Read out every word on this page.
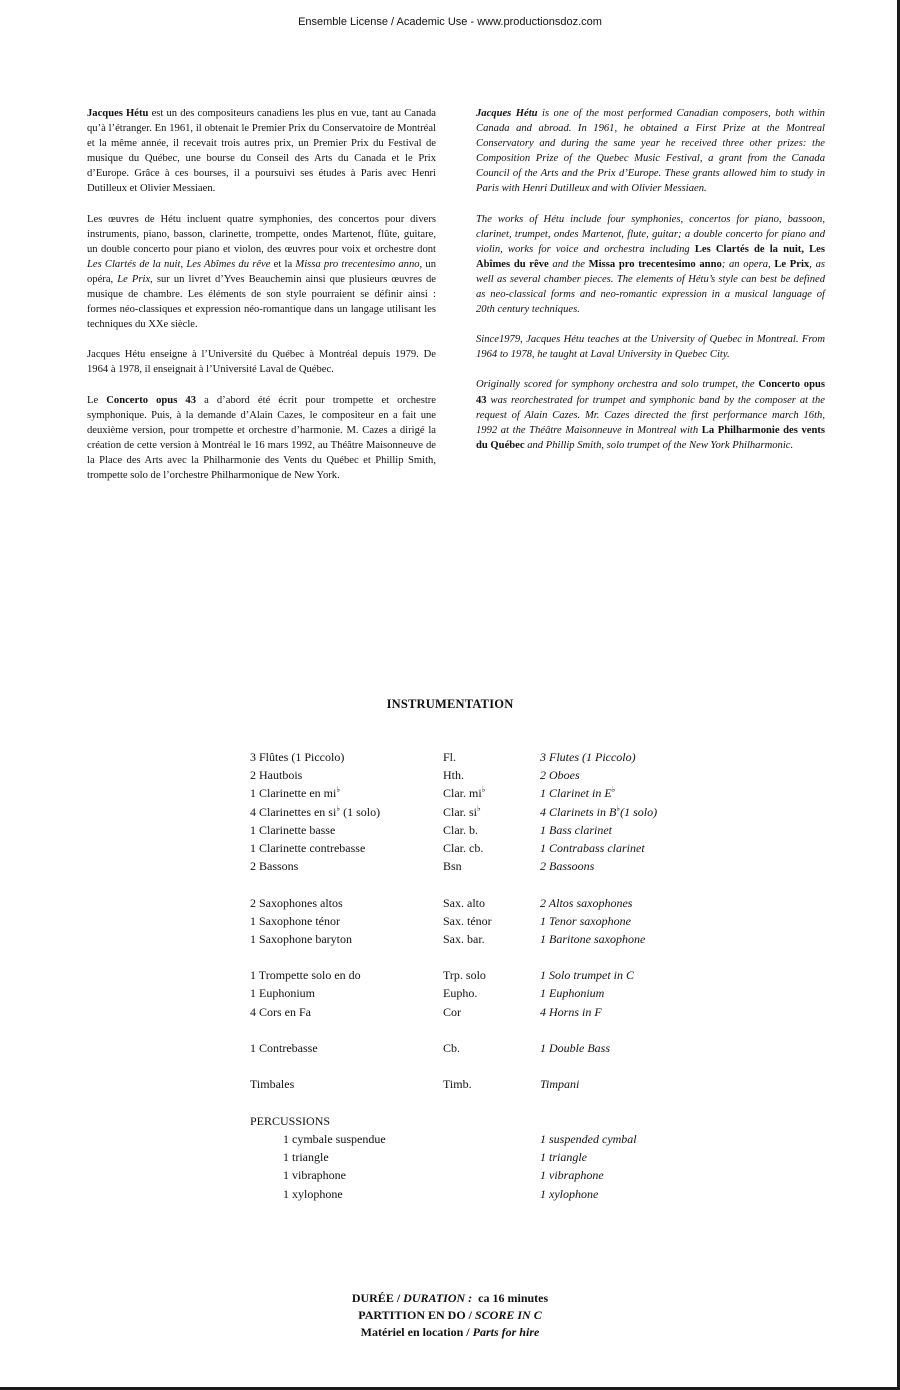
Ensemble License / Academic Use - www.productionsdoz.com

Jacques Hétu est un des compositeurs canadiens les plus en vue, tant au Canada qu’à l’étranger. En 1961, il obtenait le Premier Prix du Conservatoire de Montréal et la même année, il recevait trois autres prix, un Premier Prix du Festival de musique du Québec, une bourse du Conseil des Arts du Canada et le Prix d’Europe. Grâce à ces bourses, il a poursuivi ses études à Paris avec Henri Dutilleux et Olivier Messiaen.

Les œuvres de Hétu incluent quatre symphonies, des concertos pour divers instruments, piano, basson, clarinette, trompette, ondes Martenot, flûte, guitare, un double concerto pour piano et violon, des œuvres pour voix et orchestre dont Les Clartés de la nuit, Les Abîmes du rêve et la Missa pro trecentesimo anno, un opéra, Le Prix, sur un livret d’Yves Beauchemin ainsi que plusieurs œuvres de musique de chambre. Les éléments de son style pourraient se définir ainsi : formes néo-classiques et expression néo-romantique dans un langage utilisant les techniques du XXe siècle.

Jacques Hétu enseigne à l’Université du Québec à Montréal depuis 1979. De 1964 à 1978, il enseignait à l’Université Laval de Québec.

Le Concerto opus 43 a d’abord été écrit pour trompette et orchestre symphonique. Puis, à la demande d’Alain Cazes, le compositeur en a fait une deuxième version, pour trompette et orchestre d’harmonie. M. Cazes a dirigé la création de cette version à Montréal le 16 mars 1992, au Théâtre Maisonneuve de la Place des Arts avec la Philharmonie des Vents du Québec et Phillip Smith, trompette solo de l’orchestre Philharmonique de New York.

Jacques Hétu is one of the most performed Canadian composers, both within Canada and abroad. In 1961, he obtained a First Prize at the Montreal Conservatory and during the same year he received three other prizes: the Composition Prize of the Quebec Music Festival, a grant from the Canada Council of the Arts and the Prix d’Europe. These grants allowed him to study in Paris with Henri Dutilleux and with Olivier Messiaen.

The works of Hétu include four symphonies, concertos for piano, bassoon, clarinet, trumpet, ondes Martenot, flute, guitar; a double concerto for piano and violin, works for voice and orchestra including Les Clartés de la nuit, Les Abîmes du rêve and the Missa pro trecentesimo anno; an opera, Le Prix, as well as several chamber pieces. The elements of Hétu’s style can best be defined as neo-classical forms and neo-romantic expression in a musical language of 20th century techniques.

Since1979, Jacques Hétu teaches at the University of Quebec in Montreal. From 1964 to 1978, he taught at Laval University in Quebec City.

Originally scored for symphony orchestra and solo trumpet, the Concerto opus 43 was reorchestrated for trumpet and symphonic band by the composer at the request of Alain Cazes. Mr. Cazes directed the first performance march 16th, 1992 at the Théâtre Maisonneuve in Montreal with La Philharmonie des vents du Québec and Phillip Smith, solo trumpet of the New York Philharmonic.

INSTRUMENTATION
3 Flûtes (1 Piccolo)	Fl.	3 Flutes (1 Piccolo)
2 Hautbois	Hth.	2 Oboes
1 Clarinette en mi♭	Clar. mi♭	1 Clarinet in E♭
4 Clarinettes en si♭ (1 solo)	Clar. si♭	4 Clarinets in B♭(1 solo)
1 Clarinette basse	Clar. b.	1 Bass clarinet
1 Clarinette contrebasse	Clar. cb.	1 Contrabass clarinet
2 Bassons	Bsn	2 Bassoons
2 Saxophones altos	Sax. alto	2 Altos saxophones
1 Saxophone ténor	Sax. ténor	1 Tenor saxophone
1 Saxophone baryton	Sax. bar.	1 Baritone saxophone
1 Trompette solo en do	Trp. solo	1 Solo trumpet in C
1 Euphonium	Eupho.	1 Euphonium
4 Cors en Fa	Cor	4 Horns in F
1 Contrebasse	Cb.	1 Double Bass
Timbales	Timb.	Timpani
PERCUSSIONS
1 cymbale suspendue	1 suspended cymbal
1 triangle	1 triangle
1 vibraphone	1 vibraphone
1 xylophone	1 xylophone
DURÉE / DURATION :  ca 16 minutes
PARTITION EN DO / SCORE IN C
Matériel en location / Parts for hire
